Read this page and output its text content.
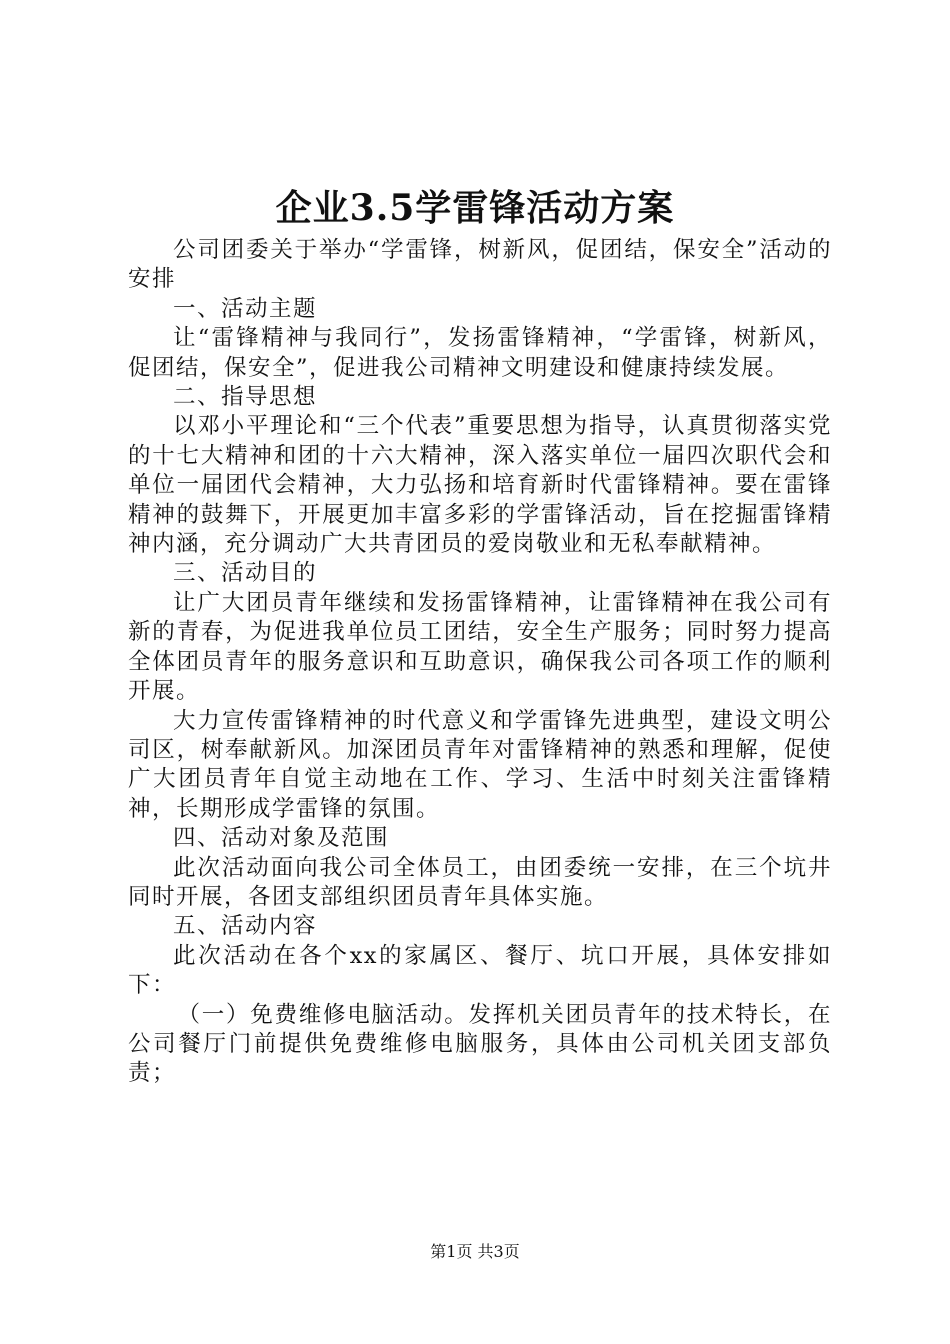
企业3.5学雷锋活动方案

公司团委关于举办“学雷锋，树新风，促团结，保安全”活动的安排

一、活动主题

让“雷锋精神与我同行”，发扬雷锋精神，“学雷锋，树新风，促团结，保安全”，促进我公司精神文明建设和健康持续发展。

二、指导思想

以邓小平理论和“三个代表”重要思想为指导，认真贯彻落实党的十七大精神和团的十六大精神，深入落实单位一届四次职代会和单位一届团代会精神，大力弘扬和培育新时代雷锋精神。要在雷锋精神的鼓舞下，开展更加丰富多彩的学雷锋活动，旨在挖掘雷锋精神内涵，充分调动广大共青团员的爱岗敬业和无私奉献精神。

三、活动目的

让广大团员青年继续和发扬雷锋精神，让雷锋精神在我公司有新的青春，为促进我单位员工团结，安全生产服务；同时努力提高全体团员青年的服务意识和互助意识，确保我公司各项工作的顺利开展。

大力宣传雷锋精神的时代意义和学雷锋先进典型，建设文明公司区，树奉献新风。加深团员青年对雷锋精神的熟悉和理解，促使广大团员青年自觉主动地在工作、学习、生活中时刻关注雷锋精神，长期形成学雷锋的氛围。

四、活动对象及范围

此次活动面向我公司全体员工，由团委统一安排，在三个坑井同时开展，各团支部组织团员青年具体实施。

五、活动内容

此次活动在各个xx的家属区、餐厅、坑口开展，具体安排如下：

（一）免费维修电脑活动。发挥机关团员青年的技术特长，在公司餐厅门前提供免费维修电脑服务，具体由公司机关团支部负责；

第1页 共3页
